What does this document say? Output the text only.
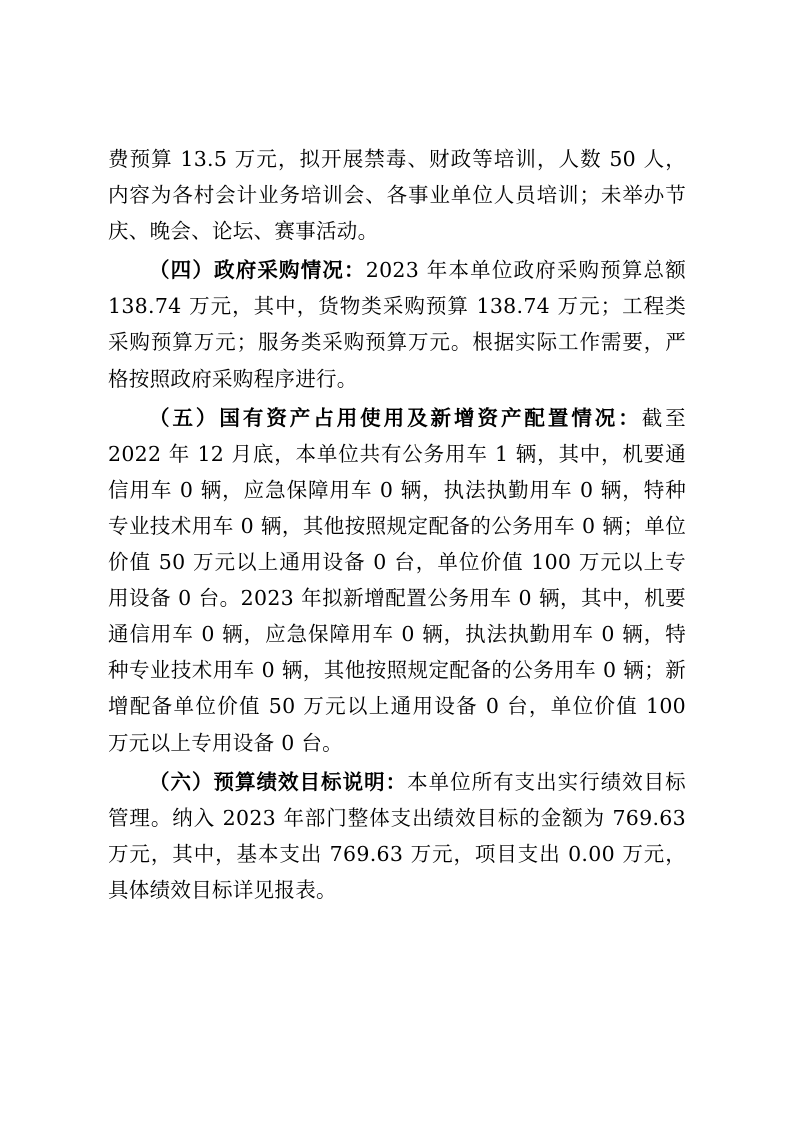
费预算 13.5 万元，拟开展禁毒、财政等培训，人数 50 人，内容为各村会计业务培训会、各事业单位人员培训；未举办节庆、晚会、论坛、赛事活动。

（四）政府采购情况：2023 年本单位政府采购预算总额 138.74 万元，其中，货物类采购预算 138.74 万元；工程类采购预算万元；服务类采购预算万元。根据实际工作需要，严格按照政府采购程序进行。

（五）国有资产占用使用及新增资产配置情况：截至 2022 年 12 月底，本单位共有公务用车 1 辆，其中，机要通信用车 0 辆，应急保障用车 0 辆，执法执勤用车 0 辆，特种专业技术用车 0 辆，其他按照规定配备的公务用车 0 辆；单位价值 50 万元以上通用设备 0 台，单位价值 100 万元以上专用设备 0 台。2023 年拟新增配置公务用车 0 辆，其中，机要通信用车 0 辆，应急保障用车 0 辆，执法执勤用车 0 辆，特种专业技术用车 0 辆，其他按照规定配备的公务用车 0 辆；新增配备单位价值 50 万元以上通用设备 0 台，单位价值 100 万元以上专用设备 0 台。

（六）预算绩效目标说明：本单位所有支出实行绩效目标管理。纳入 2023 年部门整体支出绩效目标的金额为 769.63 万元，其中，基本支出 769.63 万元，项目支出 0.00 万元，具体绩效目标详见报表。
